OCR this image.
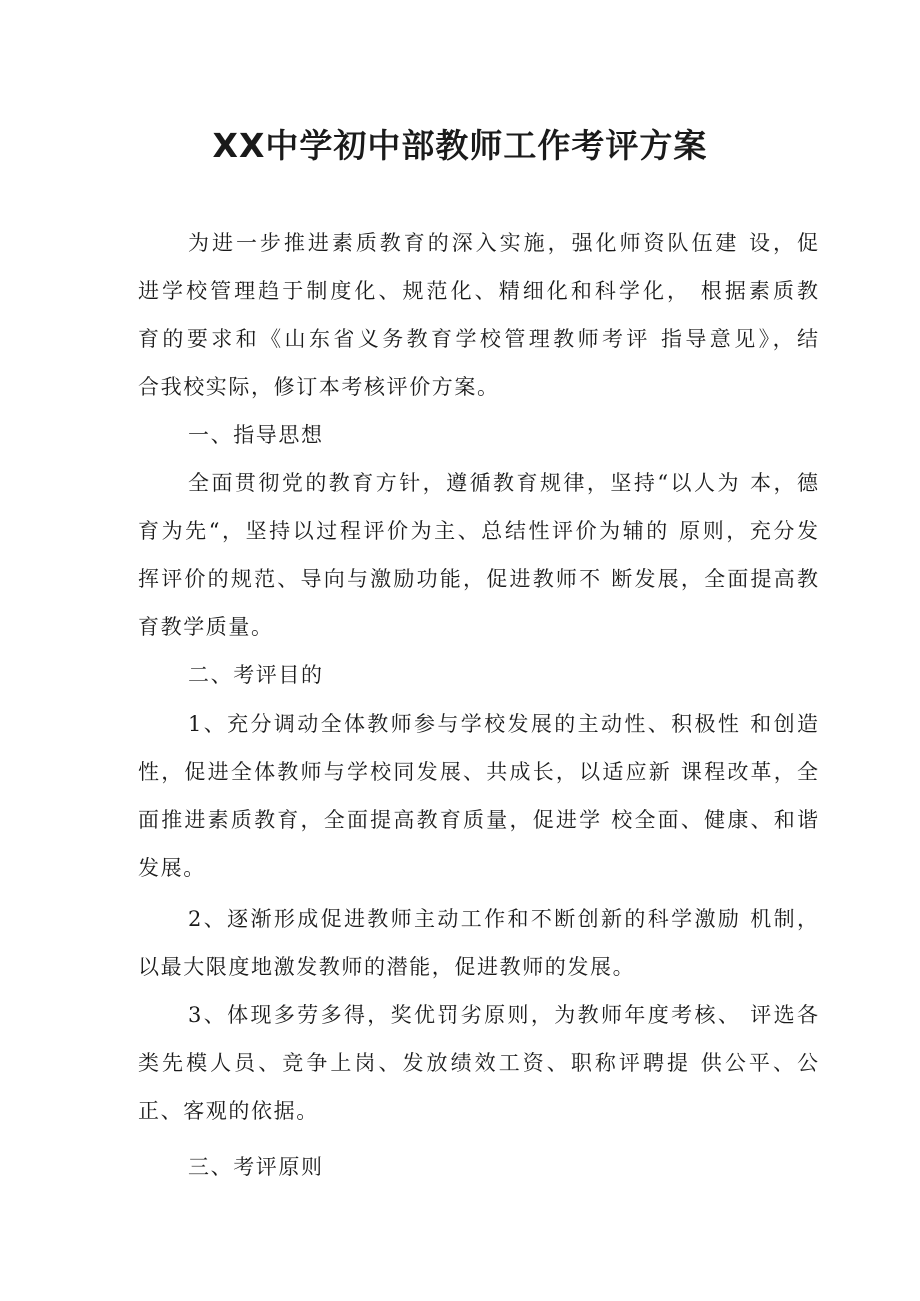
XX中学初中部教师工作考评方案
为进一步推进素质教育的深入实施，强化师资队伍建 设，促
进学校管理趋于制度化、规范化、精细化和科学化， 根据素质教
育的要求和《山东省义务教育学校管理教师考评 指导意见》，结
合我校实际，修订本考核评价方案。
一、指导思想
全面贯彻党的教育方针，遵循教育规律，坚持“以人为 本，德
育为先“，坚持以过程评价为主、总结性评价为辅的 原则，充分发
挥评价的规范、导向与激励功能，促进教师不 断发展，全面提高教
育教学质量。
二、考评目的
1、充分调动全体教师参与学校发展的主动性、积极性 和创造
性，促进全体教师与学校同发展、共成长，以适应新 课程改革，全
面推进素质教育，全面提高教育质量，促进学 校全面、健康、和谐
发展。
2、逐渐形成促进教师主动工作和不断创新的科学激励 机制，
以最大限度地激发教师的潜能，促进教师的发展。
3、体现多劳多得，奖优罚劣原则，为教师年度考核、 评选各
类先模人员、竞争上岗、发放绩效工资、职称评聘提 供公平、公
正、客观的依据。
三、考评原则
